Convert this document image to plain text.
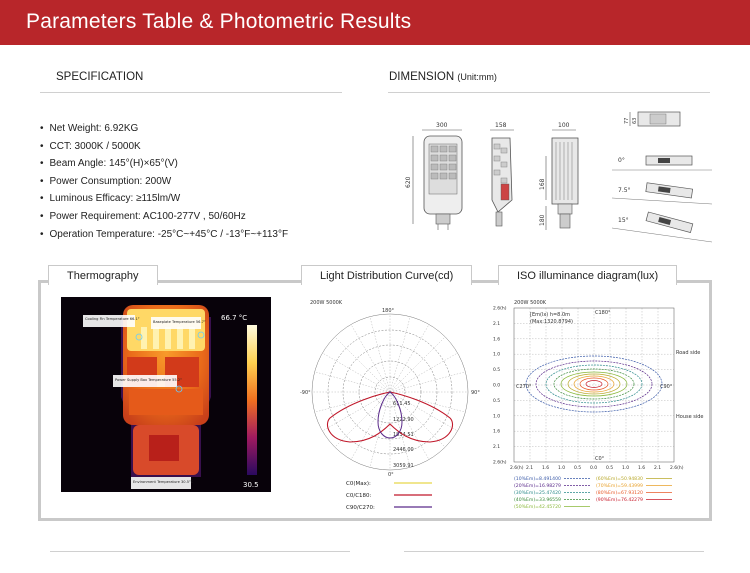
Parameters Table & Photometric Results
SPECIFICATION
• Net Weight: 6.92KG
• CCT: 3000K / 5000K
• Beam Angle: 145°(H)×65°(V)
• Power Consumption: 200W
• Luminous Efficacy: ≥115lm/W
• Power Requirement: AC100-277V , 50/60Hz
• Operation Temperature: -25°C~+45°C / -13°F~+113°F
DIMENSION (Unit:mm)
300
620
158	100
168
180
77 63
0°
7.5°
15°
Thermography	Light Distribution Curve(cd)	ISO illuminance diagram(lux)
66.7 °C
30.5
Cooling Fin Temperature 66.1°
Baseplate Temperature 56.7°
Power Supply Box Temperature 55.2°
Environment Temperature 30.5°C
200W 5000K
180°
-90°	90°
0°
611.45
1222.90
1834.51
2446.00
3059.91
C0(Max):
C0/C180:
C90/C270:
200W 5000K
2.6(h)
2.1
1.6
1.0
0.5
0.0
0.5
1.0
1.6
2.1
2.6(h)
2.6(h) 2.1 1.6 1.0 0.5 0.0 0.5 1.0 1.6 2.1 2.6(h)
[Em(lx) h=8.0m
(Max:1320.8794)
C180°
C270°	C90°
C0°
Road side
House side
(10%Em)=8.491400
(20%Em)=16.98279
(30%Em)=25.47420
(40%Em)=33.96559
(50%Em)=42.45720
(60%Em)=50.94830
(70%Em)=59.43999
(80%Em)=67.93120
(90%Em)=76.42279
